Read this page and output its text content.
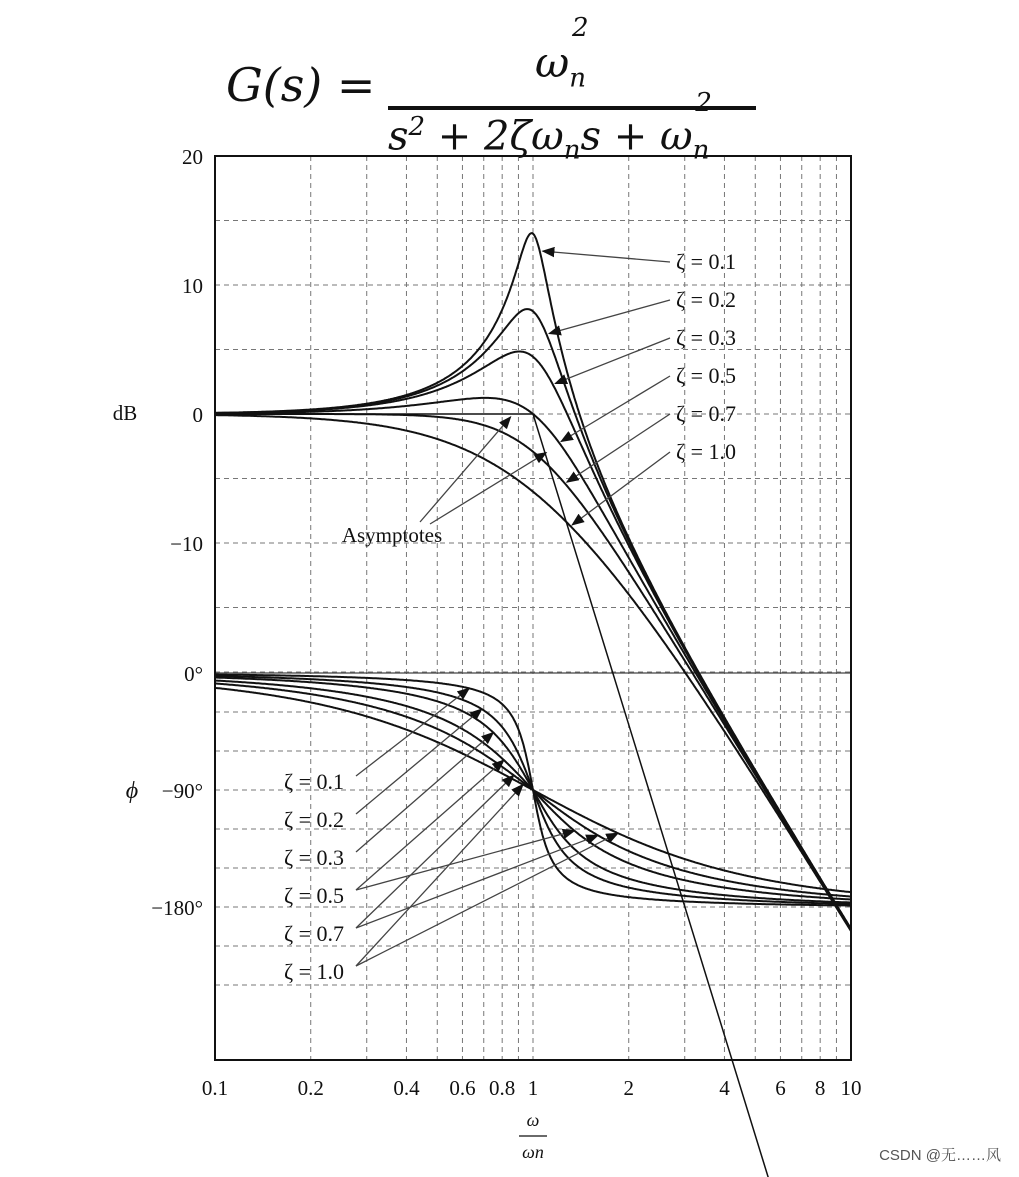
G(s) =	$\omega_n^2$
$s^2 + 2\zeta\omega_ns + \omega_n^2$
0.1	0.2	0.4 0.6 0.8 1	2	4 6 8 10
ω
ωn
20
10
0
−10
dB
0°
−90°
−180°
ϕ
ζ = 0.1
ζ = 0.2
ζ = 0.3
ζ = 0.5
ζ = 0.7
ζ = 1.0
Asymptotes
ζ = 0.1
ζ = 0.2
ζ = 0.3
ζ = 0.5
ζ = 0.7
ζ = 1.0
CSDN @无……风
